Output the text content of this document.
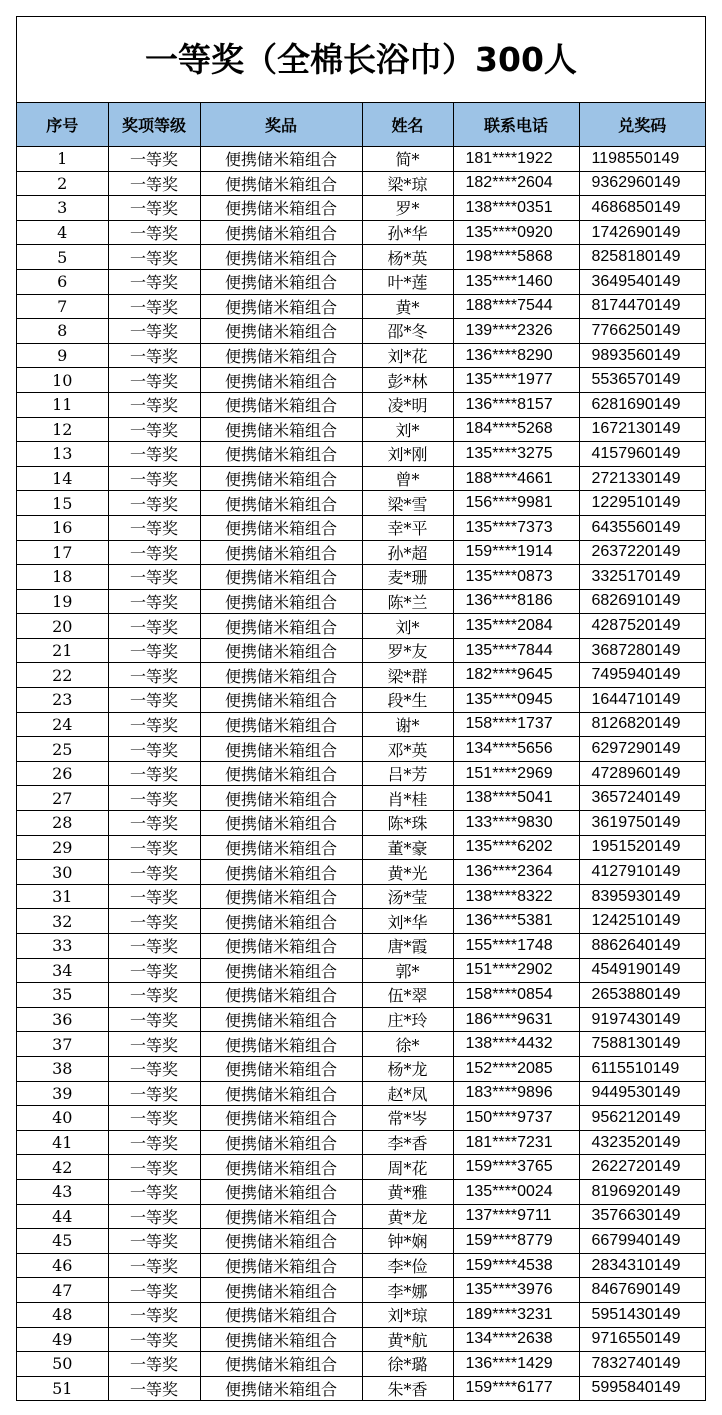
一等奖（全棉长浴巾）300人
序号	奖项等级	奖品	姓名	联系电话	兑奖码
1	一等奖	便携储米箱组合	简*	181****1922	1198550149
2	一等奖	便携储米箱组合	梁*琼	182****2604	9362960149
3	一等奖	便携储米箱组合	罗*	138****0351	4686850149
4	一等奖	便携储米箱组合	孙*华	135****0920	1742690149
5	一等奖	便携储米箱组合	杨*英	198****5868	8258180149
6	一等奖	便携储米箱组合	叶*莲	135****1460	3649540149
7	一等奖	便携储米箱组合	黄*	188****7544	8174470149
8	一等奖	便携储米箱组合	邵*冬	139****2326	7766250149
9	一等奖	便携储米箱组合	刘*花	136****8290	9893560149
10	一等奖	便携储米箱组合	彭*林	135****1977	5536570149
11	一等奖	便携储米箱组合	凌*明	136****8157	6281690149
12	一等奖	便携储米箱组合	刘*	184****5268	1672130149
13	一等奖	便携储米箱组合	刘*刚	135****3275	4157960149
14	一等奖	便携储米箱组合	曾*	188****4661	2721330149
15	一等奖	便携储米箱组合	梁*雪	156****9981	1229510149
16	一等奖	便携储米箱组合	幸*平	135****7373	6435560149
17	一等奖	便携储米箱组合	孙*超	159****1914	2637220149
18	一等奖	便携储米箱组合	麦*珊	135****0873	3325170149
19	一等奖	便携储米箱组合	陈*兰	136****8186	6826910149
20	一等奖	便携储米箱组合	刘*	135****2084	4287520149
21	一等奖	便携储米箱组合	罗*友	135****7844	3687280149
22	一等奖	便携储米箱组合	梁*群	182****9645	7495940149
23	一等奖	便携储米箱组合	段*生	135****0945	1644710149
24	一等奖	便携储米箱组合	谢*	158****1737	8126820149
25	一等奖	便携储米箱组合	邓*英	134****5656	6297290149
26	一等奖	便携储米箱组合	吕*芳	151****2969	4728960149
27	一等奖	便携储米箱组合	肖*桂	138****5041	3657240149
28	一等奖	便携储米箱组合	陈*珠	133****9830	3619750149
29	一等奖	便携储米箱组合	董*豪	135****6202	1951520149
30	一等奖	便携储米箱组合	黄*光	136****2364	4127910149
31	一等奖	便携储米箱组合	汤*莹	138****8322	8395930149
32	一等奖	便携储米箱组合	刘*华	136****5381	1242510149
33	一等奖	便携储米箱组合	唐*霞	155****1748	8862640149
34	一等奖	便携储米箱组合	郭*	151****2902	4549190149
35	一等奖	便携储米箱组合	伍*翠	158****0854	2653880149
36	一等奖	便携储米箱组合	庄*玲	186****9631	9197430149
37	一等奖	便携储米箱组合	徐*	138****4432	7588130149
38	一等奖	便携储米箱组合	杨*龙	152****2085	6115510149
39	一等奖	便携储米箱组合	赵*凤	183****9896	9449530149
40	一等奖	便携储米箱组合	常*岑	150****9737	9562120149
41	一等奖	便携储米箱组合	李*香	181****7231	4323520149
42	一等奖	便携储米箱组合	周*花	159****3765	2622720149
43	一等奖	便携储米箱组合	黄*雅	135****0024	8196920149
44	一等奖	便携储米箱组合	黄*龙	137****9711	3576630149
45	一等奖	便携储米箱组合	钟*娴	159****8779	6679940149
46	一等奖	便携储米箱组合	李*俭	159****4538	2834310149
47	一等奖	便携储米箱组合	李*娜	135****3976	8467690149
48	一等奖	便携储米箱组合	刘*琼	189****3231	5951430149
49	一等奖	便携储米箱组合	黄*航	134****2638	9716550149
50	一等奖	便携储米箱组合	徐*璐	136****1429	7832740149
51	一等奖	便携储米箱组合	朱*香	159****6177	5995840149
